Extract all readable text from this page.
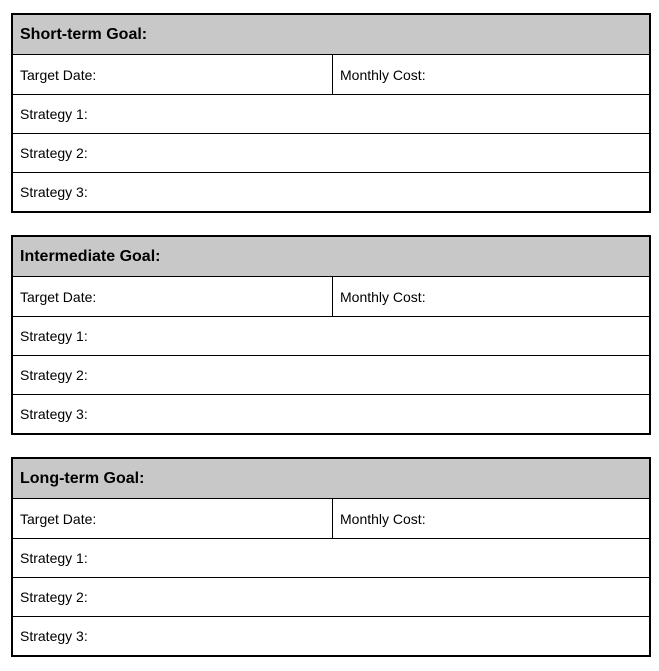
Short-term Goal:
Target Date:	Monthly Cost:
Strategy 1:
Strategy 2:
Strategy 3:
Intermediate Goal:
Target Date:	Monthly Cost:
Strategy 1:
Strategy 2:
Strategy 3:
Long-term Goal:
Target Date:	Monthly Cost:
Strategy 1:
Strategy 2:
Strategy 3:
